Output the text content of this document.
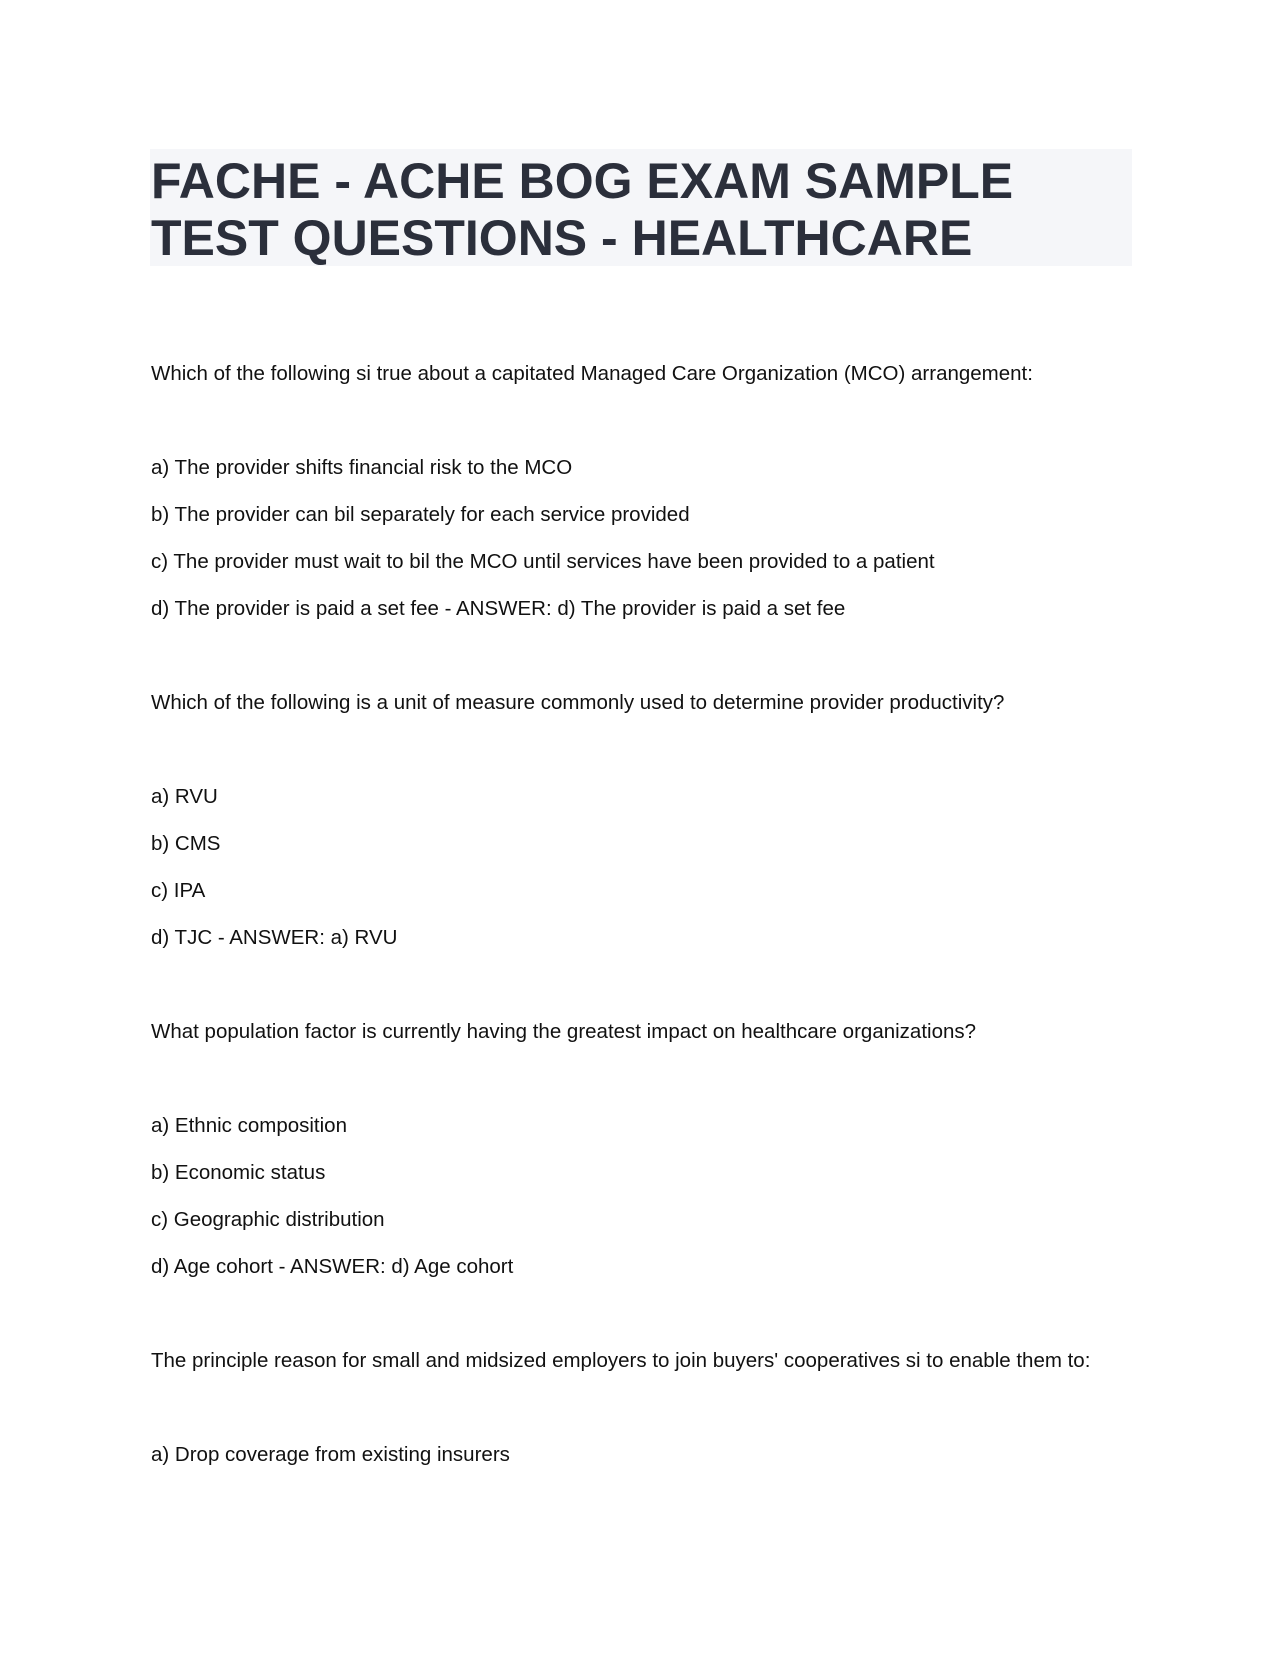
FACHE - ACHE BOG EXAM SAMPLE
TEST QUESTIONS - HEALTHCARE
Which of the following si true about a capitated Managed Care Organization (MCO) arrangement:
a) The provider shifts financial risk to the MCO
b) The provider can bil separately for each service provided
c) The provider must wait to bil the MCO until services have been provided to a patient
d) The provider is paid a set fee - ANSWER: d) The provider is paid a set fee
Which of the following is a unit of measure commonly used to determine provider productivity?
a) RVU
b) CMS
c) IPA
d) TJC - ANSWER: a) RVU
What population factor is currently having the greatest impact on healthcare organizations?
a) Ethnic composition
b) Economic status
c) Geographic distribution
d) Age cohort - ANSWER: d) Age cohort
The principle reason for small and midsized employers to join buyers' cooperatives si to enable them to:
a) Drop coverage from existing insurers
